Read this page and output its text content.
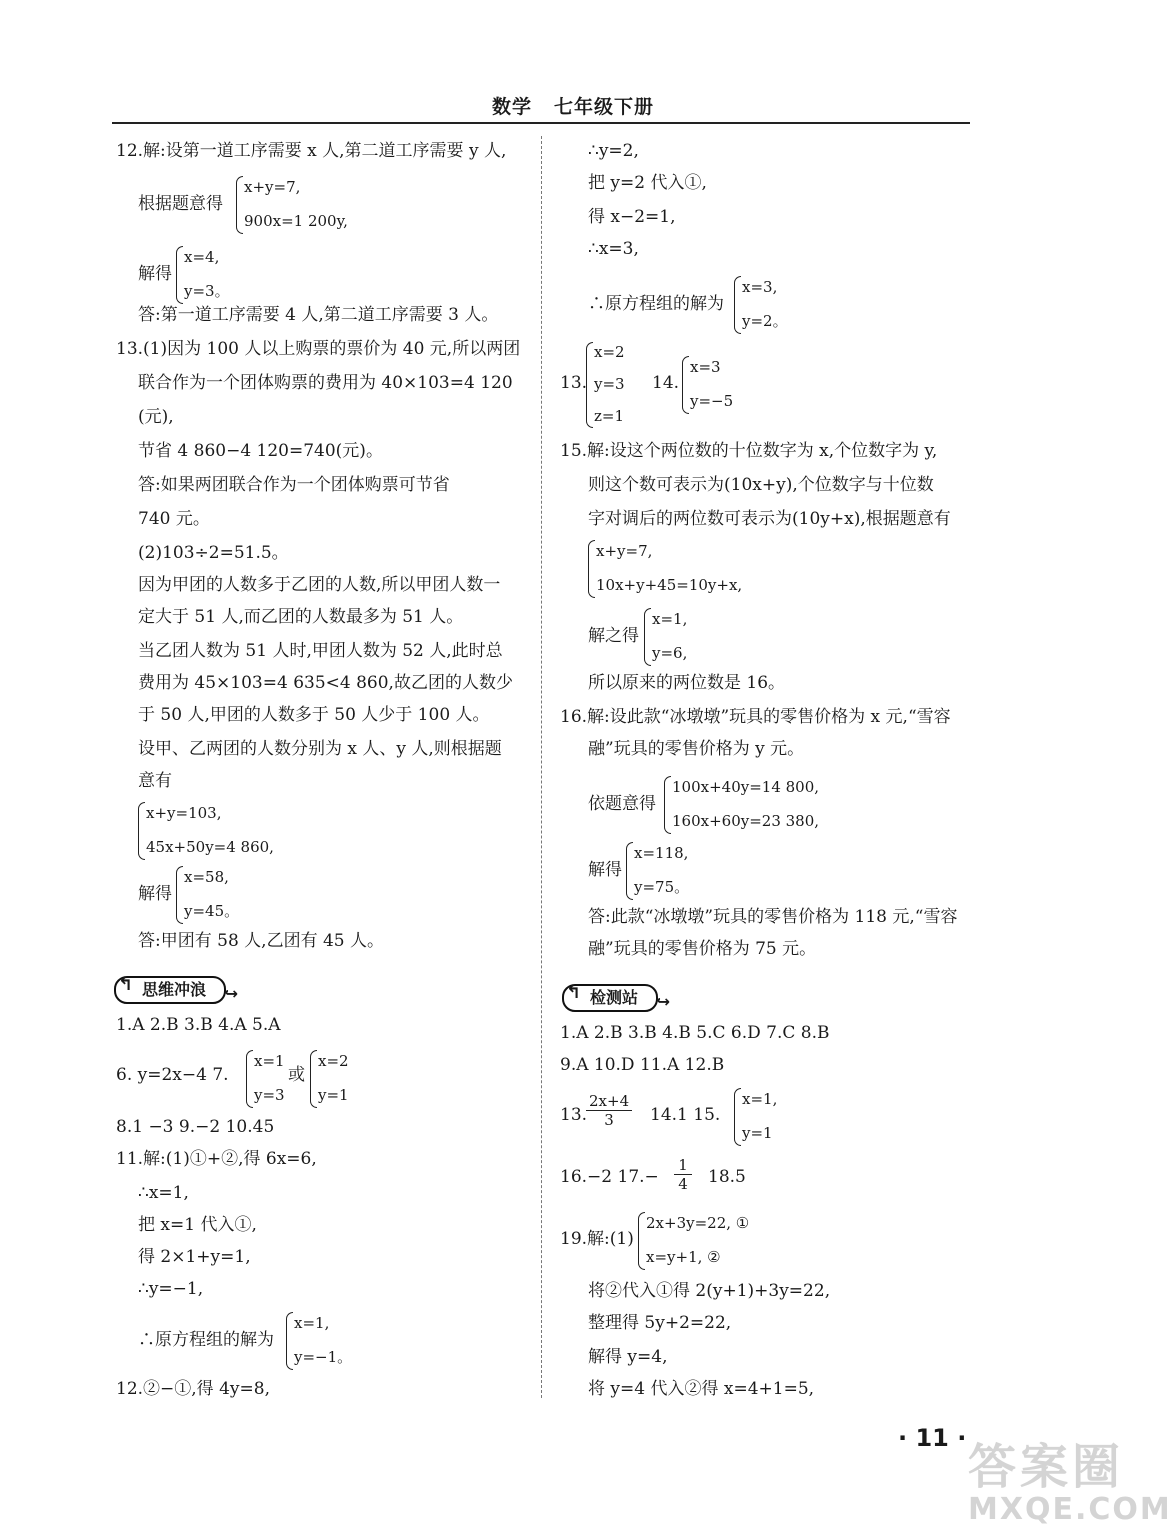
数学 七年级下册
12.解:设第一道工序需要 x 人,第二道工序需要 y 人,
根据题意得
x+y=7,
900x=1 200y,
解得
x=4,
y=3。
答:第一道工序需要 4 人,第二道工序需要 3 人。
13.(1)因为 100 人以上购票的票价为 40 元,所以两团
联合作为一个团体购票的费用为 40×103=4 120
(元),
节省 4 860−4 120=740(元)。
答:如果两团联合作为一个团体购票可节省
740 元。
(2)103÷2=51.5。
因为甲团的人数多于乙团的人数,所以甲团人数一
定大于 51 人,而乙团的人数最多为 51 人。
当乙团人数为 51 人时,甲团人数为 52 人,此时总
费用为 45×103=4 635<4 860,故乙团的人数少
于 50 人,甲团的人数多于 50 人少于 100 人。
设甲、乙两团的人数分别为 x 人、y 人,则根据题
意有
x+y=103,
45x+50y=4 860,
解得
x=58,
y=45。
答:甲团有 58 人,乙团有 45 人。
↰ 思维冲浪 ↪
1.A 2.B 3.B 4.A 5.A
6. y=2x−4 7.
x=1
y=3
或
x=2
y=1
8.1 −3 9.−2 10.45
11.解:(1)①+②,得 6x=6,
∴x=1,
把 x=1 代入①,
得 2×1+y=1,
∴y=−1,
∴原方程组的解为
x=1,
y=−1。
12.②−①,得 4y=8,
∴y=2,
把 y=2 代入①,
得 x−2=1,
∴x=3,
∴原方程组的解为
x=3,
y=2。
13.
x=2
y=3
z=1
14.
x=3
y=−5
15.解:设这个两位数的十位数字为 x,个位数字为 y,
则这个数可表示为(10x+y),个位数字与十位数
字对调后的两位数可表示为(10y+x),根据题意有
x+y=7,
10x+y+45=10y+x,
解之得
x=1,
y=6,
所以原来的两位数是 16。
16.解:设此款“冰墩墩”玩具的零售价格为 x 元,“雪容
融”玩具的零售价格为 y 元。
依题意得
100x+40y=14 800,
160x+60y=23 380,
解得
x=118,
y=75。
答:此款“冰墩墩”玩具的零售价格为 118 元,“雪容
融”玩具的零售价格为 75 元。
↰ 检测站 ↪
1.A 2.B 3.B 4.B 5.C 6.D 7.C 8.B
9.A 10.D 11.A 12.B
13.
$\frac{2x+4}{3} 14.1$ 15.
x=1,
y=1
16.−2 $17.- \frac{1}{4} 18.5$
19.解:(1)
2x+3y=22, ①
x=y+1, ②
将②代入①得 2(y+1)+3y=22,
整理得 5y+2=22,
解得 y=4,
将 y=4 代入②得 x=4+1=5,
· 11 ·
答案圈
MXQE.COM
